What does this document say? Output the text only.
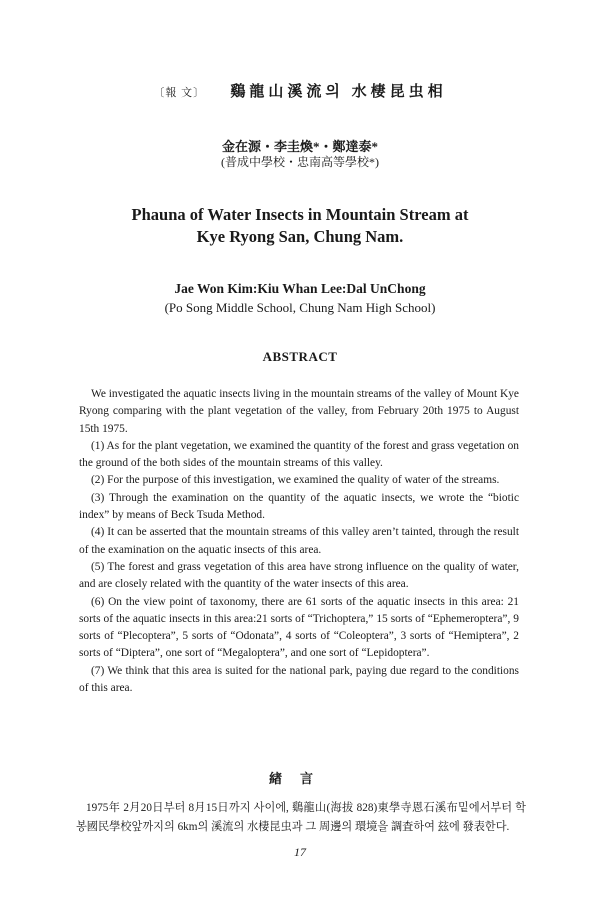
〔報 文〕 鷄龍山溪流의 水棲昆虫相
金在源・李圭煥*・鄭達泰*
(普成中學校・忠南高等學校*)
Phauna of Water Insects in Mountain Stream at
Kye Ryong San, Chung Nam.
Jae Won Kim:Kiu Whan Lee:Dal UnChong
(Po Song Middle School, Chung Nam High School)
ABSTRACT

We investigated the aquatic insects living in the mountain streams of the valley of Mount Kye Ryong comparing with the plant vegetation of the valley, from February 20th 1975 to August 15th 1975.

(1) As for the plant vegetation, we examined the quantity of the forest and grass vegetation on the ground of the both sides of the mountain streams of this valley.

(2) For the purpose of this investigation, we examined the quality of water of the streams.

(3) Through the examination on the quantity of the aquatic insects, we wrote the “biotic index” by means of Beck Tsuda Method.

(4) It can be asserted that the mountain streams of this valley aren’t tainted, through the result of the examination on the aquatic insects of this area.

(5) The forest and grass vegetation of this area have strong influence on the quality of water, and are closely related with the quantity of the water insects of this area.

(6) On the view point of taxonomy, there are 61 sorts of the aquatic insects in this area: 21 sorts of the aquatic insects in this area:21 sorts of “Trichoptera,” 15 sorts of “Ephemeroptera”, 9 sorts of “Plecoptera”, 5 sorts of “Odonata”, 4 sorts of “Coleoptera”, 3 sorts of “Hemiptera”, 2 sorts of “Diptera”, one sort of “Megaloptera”, and one sort of “Lepidoptera”.

(7) We think that this area is suited for the national park, paying due regard to the conditions of this area.

緖言

1975年 2月20日부터 8月15日까지 사이에, 鷄龍山(海拔 828)東學寺恩石溪布밑에서부터 학봉國民學校앞까지의 6km의 溪流의 水棲昆虫과 그 周邊의 環境을 調査하여 玆에 發表한다.

17
